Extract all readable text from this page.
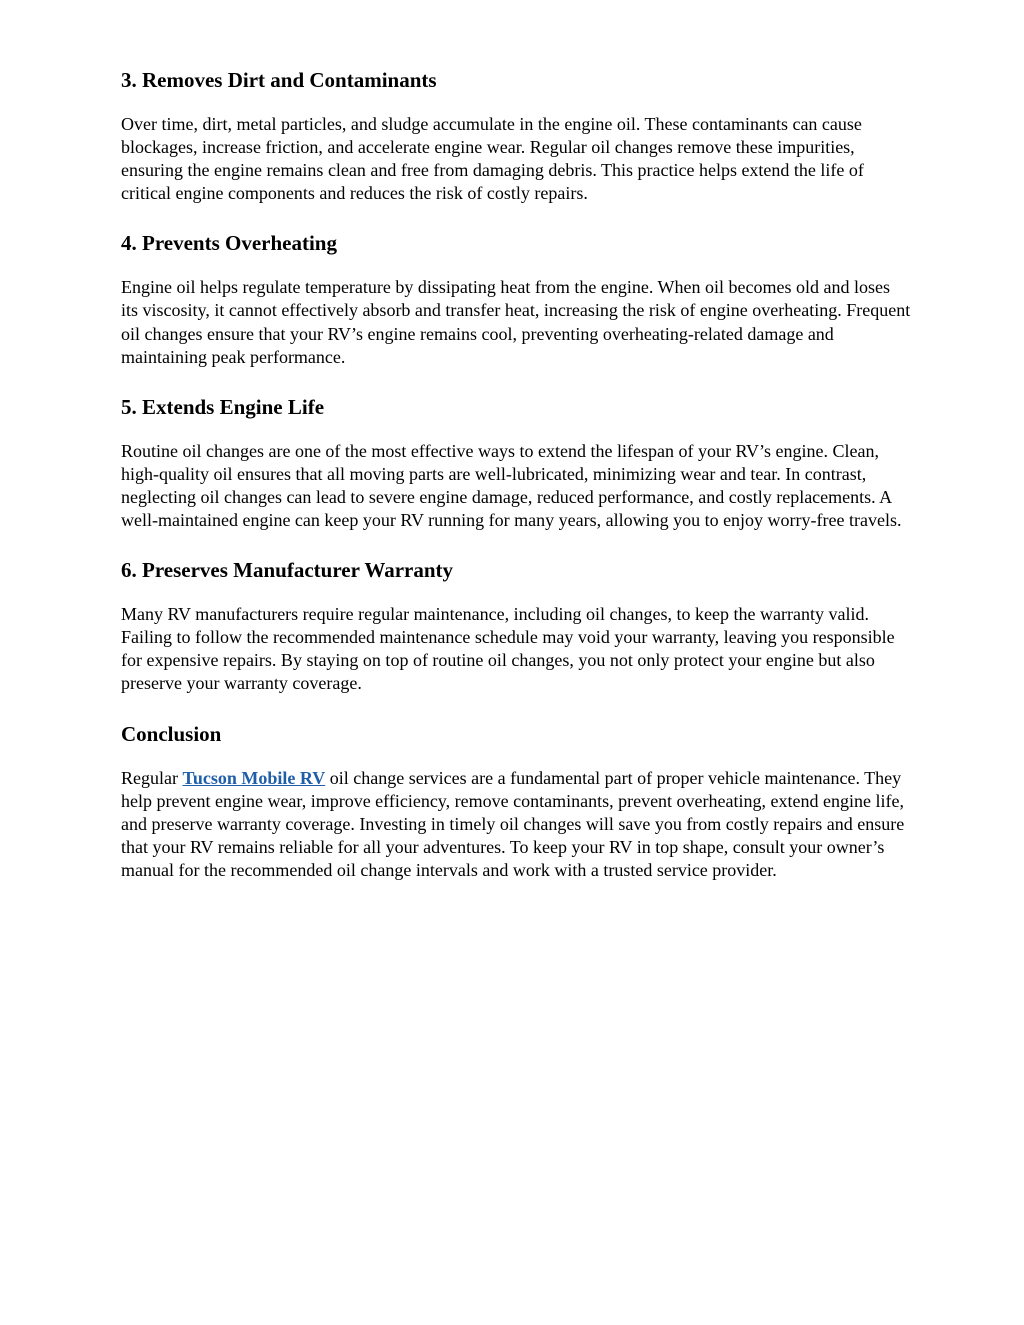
3. Removes Dirt and Contaminants

Over time, dirt, metal particles, and sludge accumulate in the engine oil. These contaminants can cause blockages, increase friction, and accelerate engine wear. Regular oil changes remove these impurities, ensuring the engine remains clean and free from damaging debris. This practice helps extend the life of critical engine components and reduces the risk of costly repairs.

4. Prevents Overheating

Engine oil helps regulate temperature by dissipating heat from the engine. When oil becomes old and loses its viscosity, it cannot effectively absorb and transfer heat, increasing the risk of engine overheating. Frequent oil changes ensure that your RV’s engine remains cool, preventing overheating-related damage and maintaining peak performance.

5. Extends Engine Life

Routine oil changes are one of the most effective ways to extend the lifespan of your RV’s engine. Clean, high-quality oil ensures that all moving parts are well-lubricated, minimizing wear and tear. In contrast, neglecting oil changes can lead to severe engine damage, reduced performance, and costly replacements. A well-maintained engine can keep your RV running for many years, allowing you to enjoy worry-free travels.

6. Preserves Manufacturer Warranty

Many RV manufacturers require regular maintenance, including oil changes, to keep the warranty valid. Failing to follow the recommended maintenance schedule may void your warranty, leaving you responsible for expensive repairs. By staying on top of routine oil changes, you not only protect your engine but also preserve your warranty coverage.

Conclusion

Regular Tucson Mobile RV oil change services are a fundamental part of proper vehicle maintenance. They help prevent engine wear, improve efficiency, remove contaminants, prevent overheating, extend engine life, and preserve warranty coverage. Investing in timely oil changes will save you from costly repairs and ensure that your RV remains reliable for all your adventures. To keep your RV in top shape, consult your owner’s manual for the recommended oil change intervals and work with a trusted service provider.
